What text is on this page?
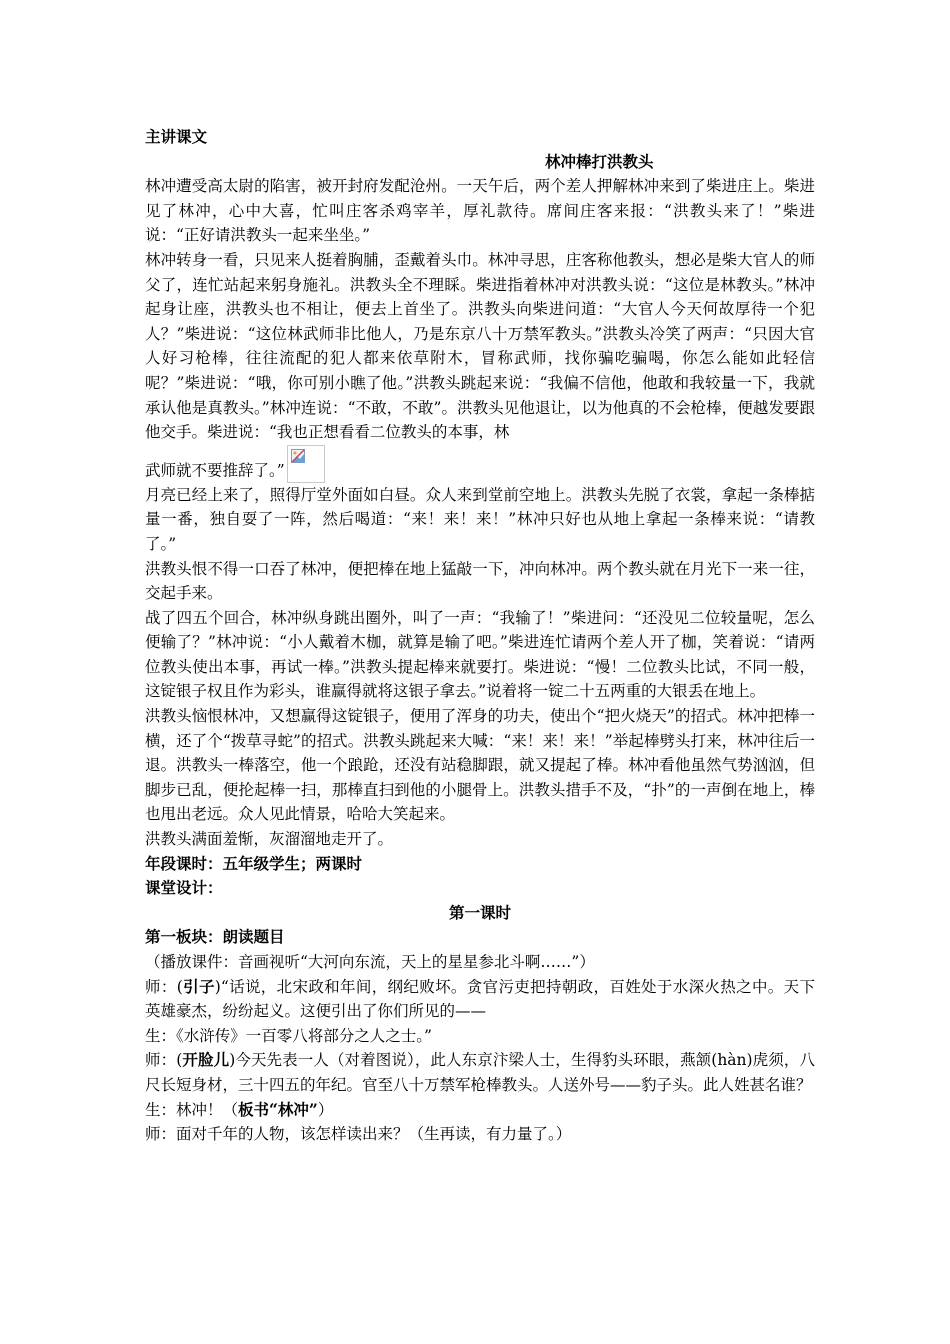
主讲课文
林冲棒打洪教头
林冲遭受高太尉的陷害，被开封府发配沧州。一天午后，两个差人押解林冲来到了柴进庄上。柴进见了林冲，心中大喜，忙叫庄客杀鸡宰羊，厚礼款待。席间庄客来报：“洪教头来了！”柴进说：“正好请洪教头一起来坐坐。”
林冲转身一看，只见来人挺着胸脯，歪戴着头巾。林冲寻思，庄客称他教头，想必是柴大官人的师父了，连忙站起来躬身施礼。洪教头全不理睬。柴进指着林冲对洪教头说：“这位是林教头。”林冲起身让座，洪教头也不相让，便去上首坐了。洪教头向柴进问道：“大官人今天何故厚待一个犯人？”柴进说：“这位林武师非比他人，乃是东京八十万禁军教头。”洪教头冷笑了两声：“只因大官人好习枪棒，往往流配的犯人都来依草附木，冒称武师，找你骗吃骗喝，你怎么能如此轻信呢？”柴进说：“哦，你可别小瞧了他。”洪教头跳起来说：“我偏不信他，他敢和我较量一下，我就承认他是真教头。”林冲连说：“不敢，不敢”。洪教头见他退让，以为他真的不会枪棒，便越发要跟他交手。柴进说：“我也正想看看二位教头的本事，林
武师就不要推辞了。”
月亮已经上来了，照得厅堂外面如白昼。众人来到堂前空地上。洪教头先脱了衣裳，拿起一条棒掂量一番，独自耍了一阵，然后喝道：“来！来！来！”林冲只好也从地上拿起一条棒来说：“请教了。”
洪教头恨不得一口吞了林冲，便把棒在地上猛敲一下，冲向林冲。两个教头就在月光下一来一往，交起手来。
战了四五个回合，林冲纵身跳出圈外，叫了一声：“我输了！”柴进问：“还没见二位较量呢，怎么便输了？”林冲说：“小人戴着木枷，就算是输了吧。”柴进连忙请两个差人开了枷，笑着说：“请两位教头使出本事，再试一棒。”洪教头提起棒来就要打。柴进说：“慢！二位教头比试，不同一般，这锭银子权且作为彩头，谁赢得就将这银子拿去。”说着将一锭二十五两重的大银丢在地上。
洪教头恼恨林冲，又想赢得这锭银子，便用了浑身的功夫，使出个“把火烧天”的招式。林冲把棒一横，还了个“拨草寻蛇”的招式。洪教头跳起来大喊：“来！来！来！”举起棒劈头打来，林冲往后一退。洪教头一棒落空，他一个踉跄，还没有站稳脚跟，就又提起了棒。林冲看他虽然气势汹汹，但脚步已乱，便抡起棒一扫，那棒直扫到他的小腿骨上。洪教头措手不及，“扑”的一声倒在地上，棒也甩出老远。众人见此情景，哈哈大笑起来。
洪教头满面羞惭，灰溜溜地走开了。
年段课时：五年级学生；两课时
课堂设计：
第一课时
第一板块：朗读题目
（播放课件：音画视听“大河向东流，天上的星星参北斗啊……”）
师：(引子)“话说，北宋政和年间，纲纪败坏。贪官污吏把持朝政，百姓处于水深火热之中。天下英雄豪杰，纷纷起义。这便引出了你们所见的——
生：《水浒传》一百零八将部分之人之士。”
师：(开脸儿)今天先表一人（对着图说），此人东京汴梁人士，生得豹头环眼，燕颔(hàn)虎须，八尺长短身材，三十四五的年纪。官至八十万禁军枪棒教头。人送外号——豹子头。此人姓甚名谁？
生：林冲！（板书“林冲”）
师：面对千年的人物，该怎样读出来？（生再读，有力量了。）
